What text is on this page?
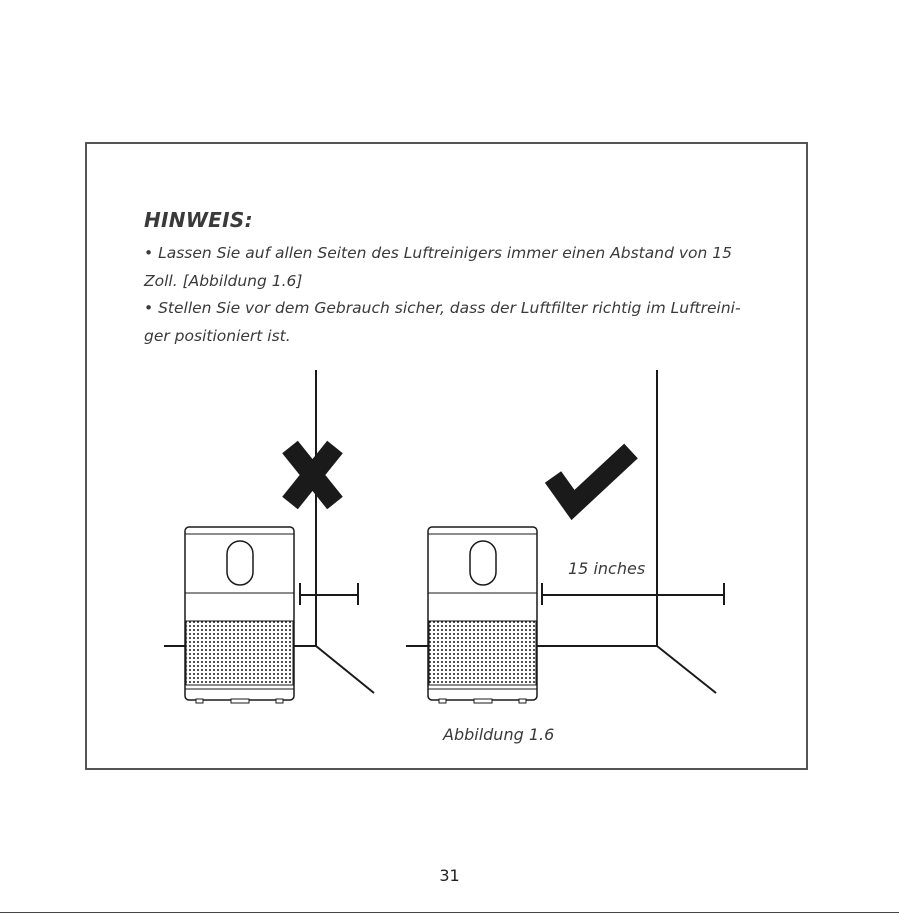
HINWEIS:
• Lassen Sie auf allen Seiten des Luftreinigers immer einen Abstand von 15
Zoll. [Abbildung 1.6]
• Stellen Sie vor dem Gebrauch sicher, dass der Luftfilter richtig im Luftreini-
ger positioniert ist.
15 inches
Abbildung 1.6
31
